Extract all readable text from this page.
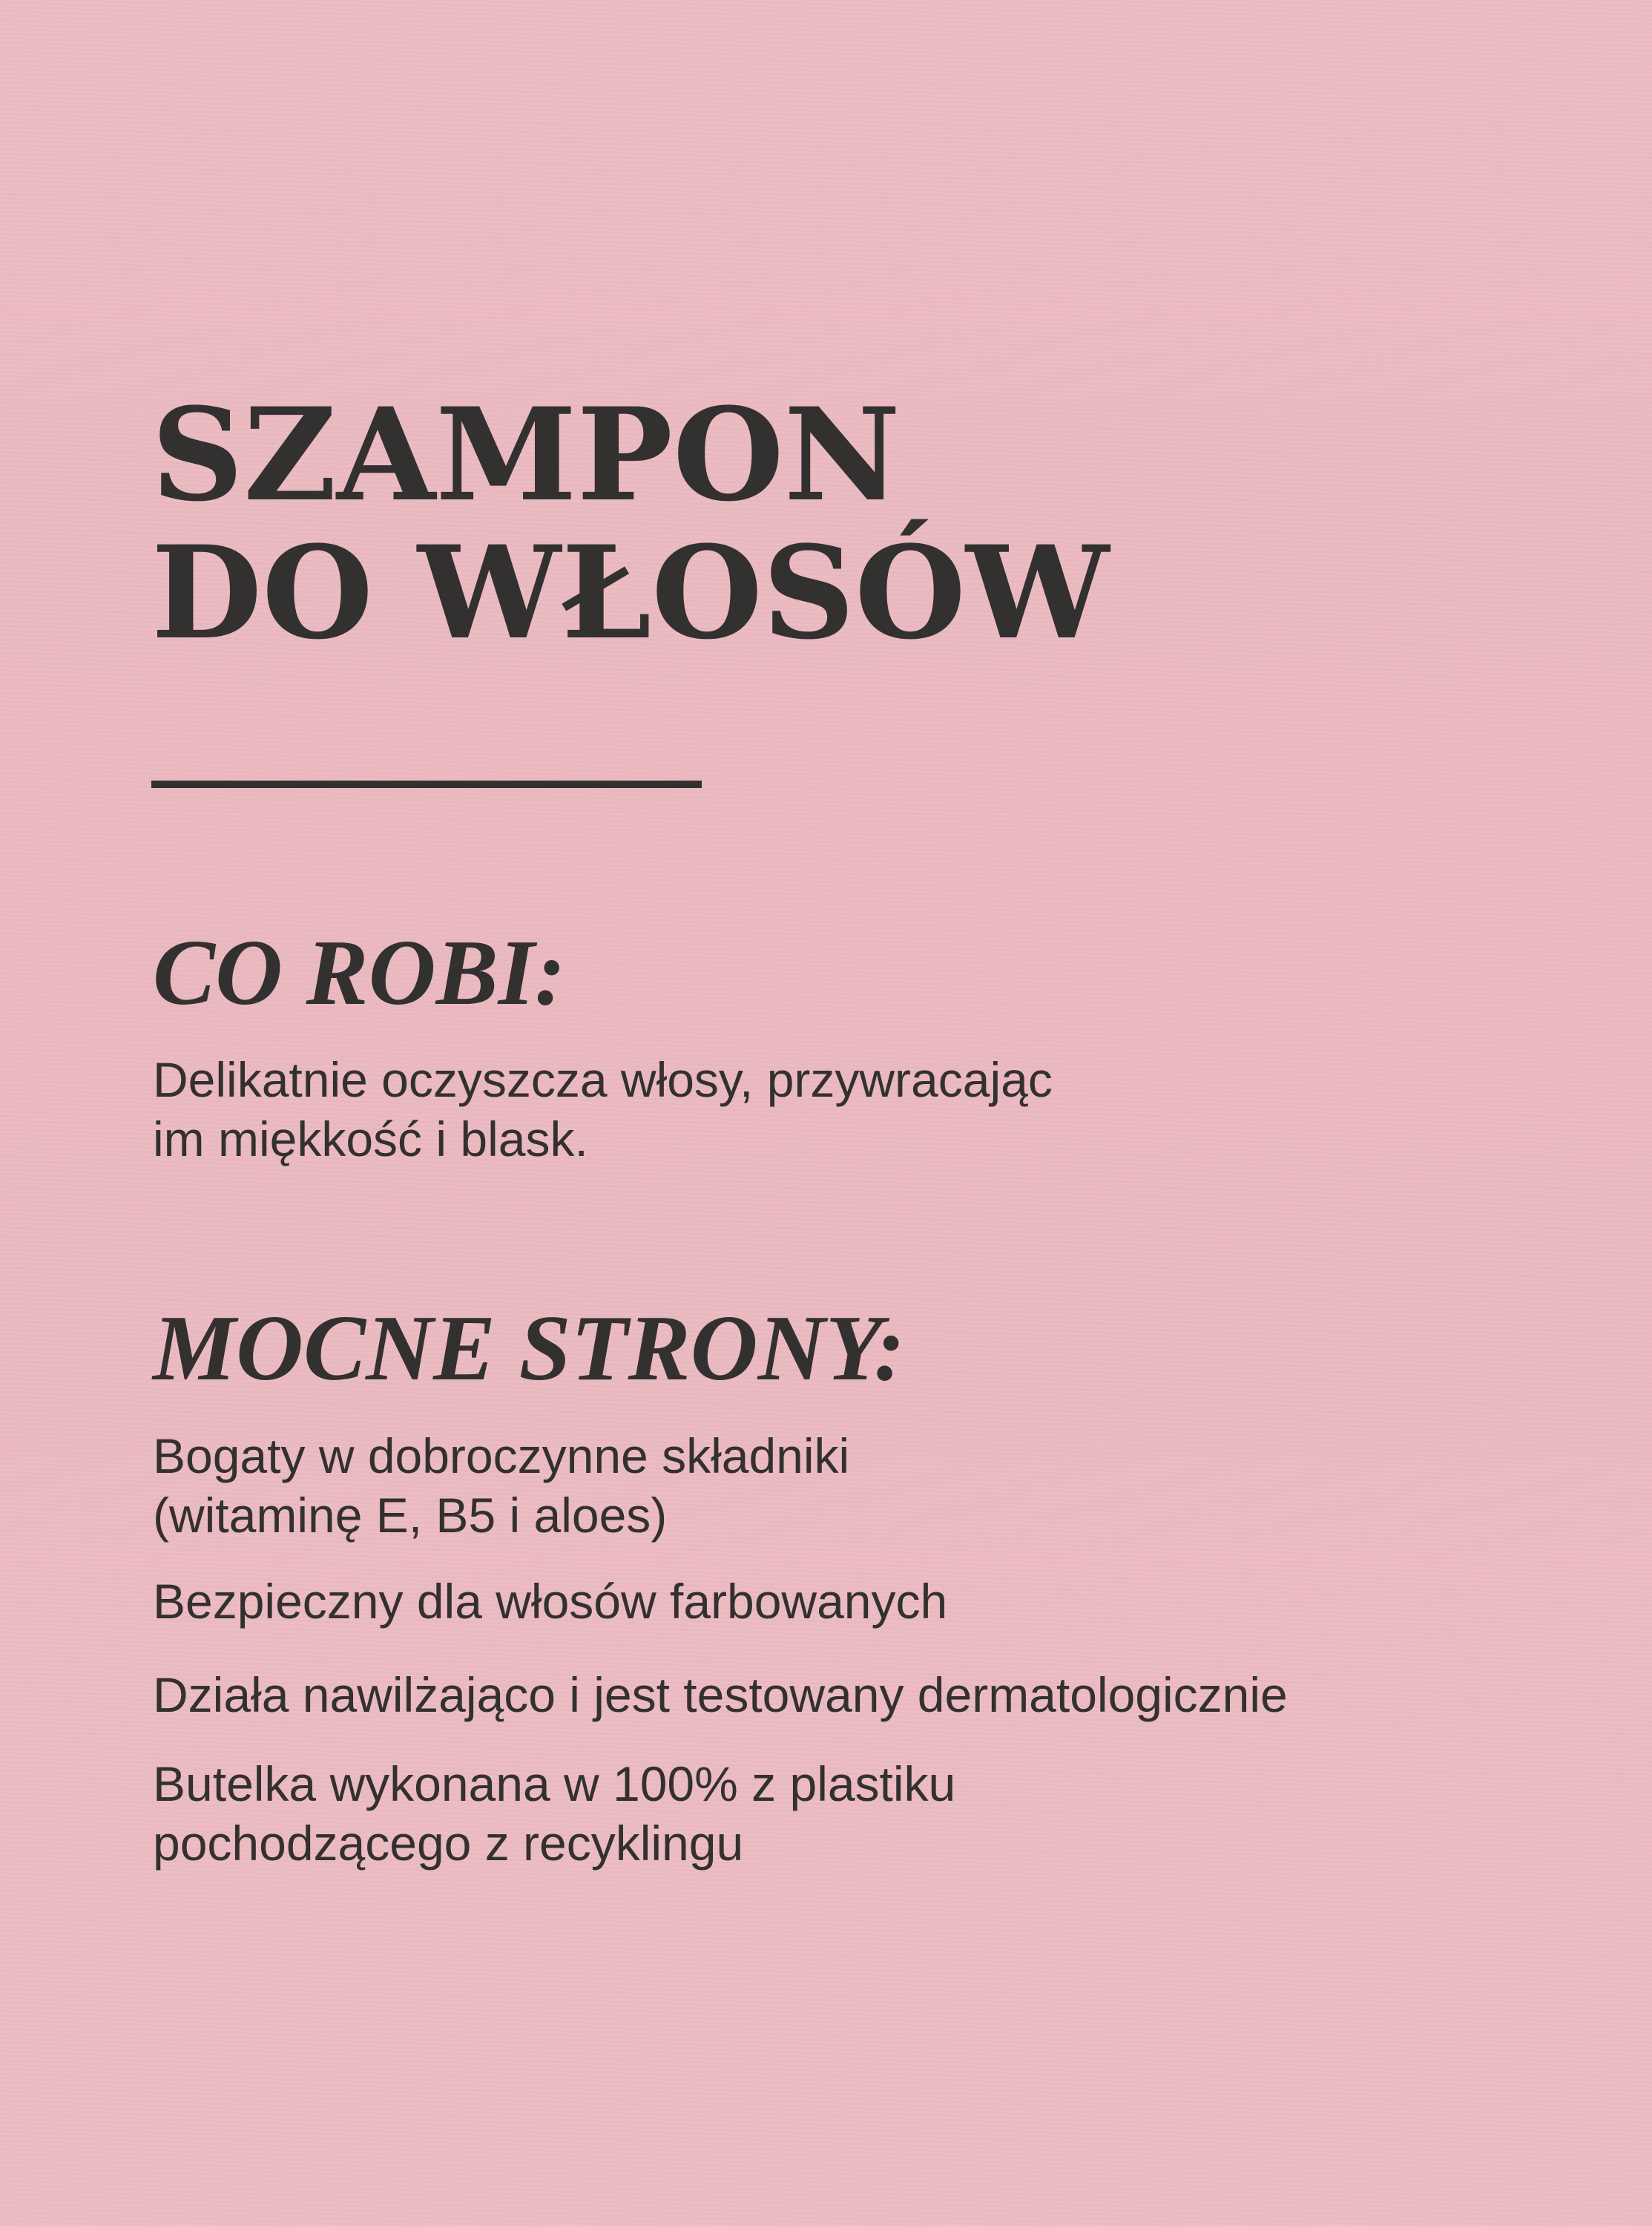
SZAMPON
DO WŁOSÓW
CO ROBI:

Delikatnie oczyszcza włosy, przywracając
im miękkość i blask.

MOCNE STRONY:
Bogaty w dobroczynne składniki
(witaminę E, B5 i aloes)
Bezpieczny dla włosów farbowanych
Działa nawilżająco i jest testowany dermatologicznie
Butelka wykonana w 100% z plastiku
pochodzącego z recyklingu
